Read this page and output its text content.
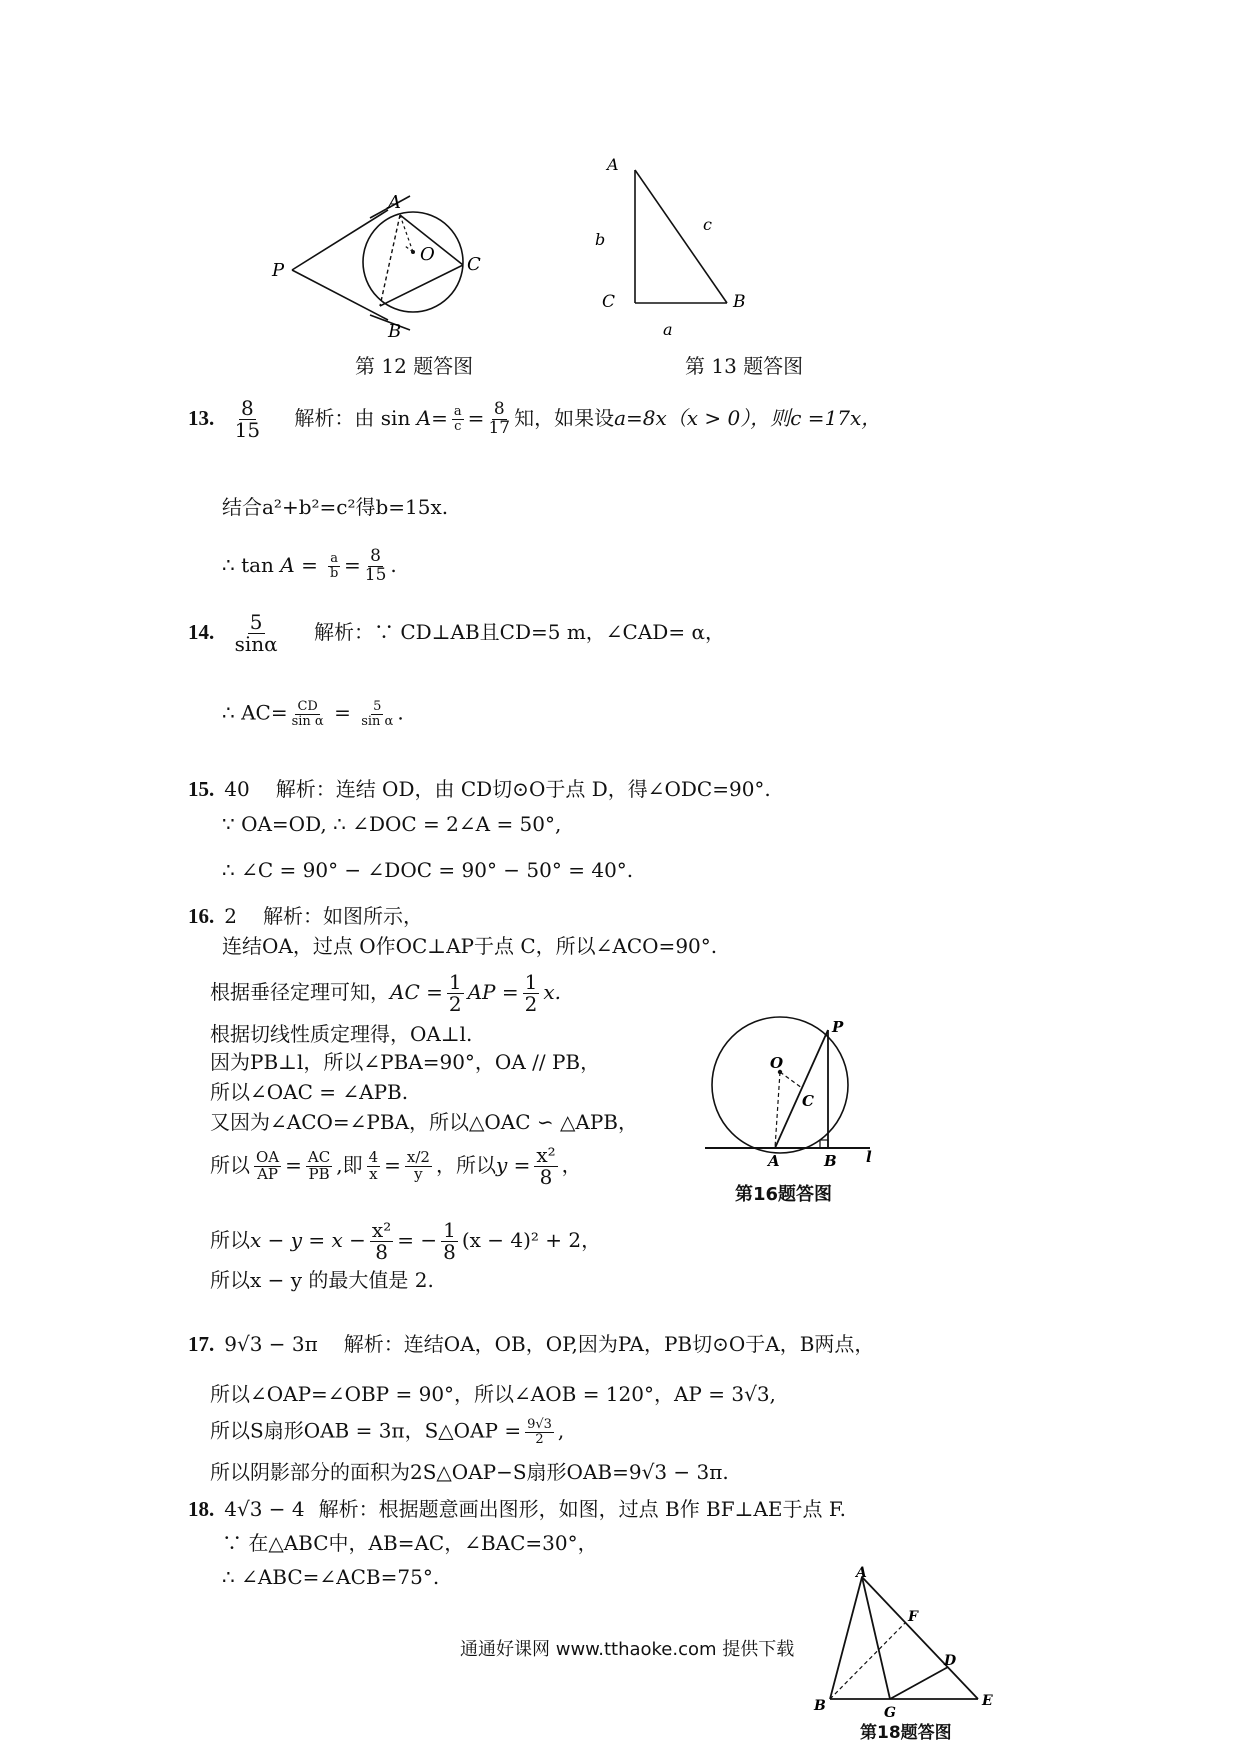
A
O
P	C
B
第 12 题答图
A
b
c
C	B
a
第 13 题答图
13. $\frac{8}{15}$ 解析：由 $\sin A= \frac{a}{c} = \frac{8}{17}$ 知，如果设a=8x（x > 0），则c =17x，
结合a²+b²=c²得b=15x.
∴ $\tan A = \frac{a}{b} = \frac{8}{15}$ .
14. $\frac{5}{\sin\alpha}$ 解析：∵ CD⊥AB且CD=5 m，∠CAD= α，
∴ $AC= \frac{CD}{\text{sin α}} = \frac{5}{\text{sin α}}$ .
15. 40 解析：连结 OD，由 CD切⊙O于点 D，得∠ODC=90°.
∵ OA=OD, ∴ ∠DOC = 2∠A = 50°,
∴ ∠C = 90° − ∠DOC = 90° − 50° = 40°.
16. 2 解析：如图所示，
连结OA，过点 O作OC⊥AP于点 C，所以∠ACO=90°.
根据垂径定理可知，AC = $\frac{1}{2}$ AP = $\frac{1}{2} x$.
根据切线性质定理得，OA⊥l.
因为PB⊥l，所以∠PBA=90°，OA // PB，
所以∠OAC = ∠APB.
又因为∠ACO=∠PBA，所以△OAC ∽ △APB，
所以 $\frac{OA}{AP} = \frac{AC}{PB}$ ,即 $\frac{4}{x} = \frac{x/2}{y}$ ，所以$y = \frac{\text{x²}}{8}$ ，
所以$x - y = x - \frac{\text{x²}}{8}$ = − $\frac{1}{8} (x - 4)^2 + 2$，
所以x − y 的最大值是 2.
P
O
C
A	B l
第16题答图
17. 9√3 − 3π 解析：连结OA，OB，OP,因为PA，PB切⊙O于A，B两点，
所以∠OAP=∠OBP = 90°，所以∠AOB = 120°，AP = 3√3,
所以S扇形OAB = 3π，S△OAP = $\frac{9√3}{2}$ ,
所以阴影部分的面积为2S△OAP−S扇形OAB=9√3 − 3π.
18. 4√3 − 4 解析：根据题意画出图形，如图，过点 B作 BF⊥AE于点 F.
∵ 在△ABC中，AB=AC，∠BAC=30°，
∴ ∠ABC=∠ACB=75°.	A
F
D
B	G
E
第18题答图
通通好课网 www.tthaoke.com 提供下载
